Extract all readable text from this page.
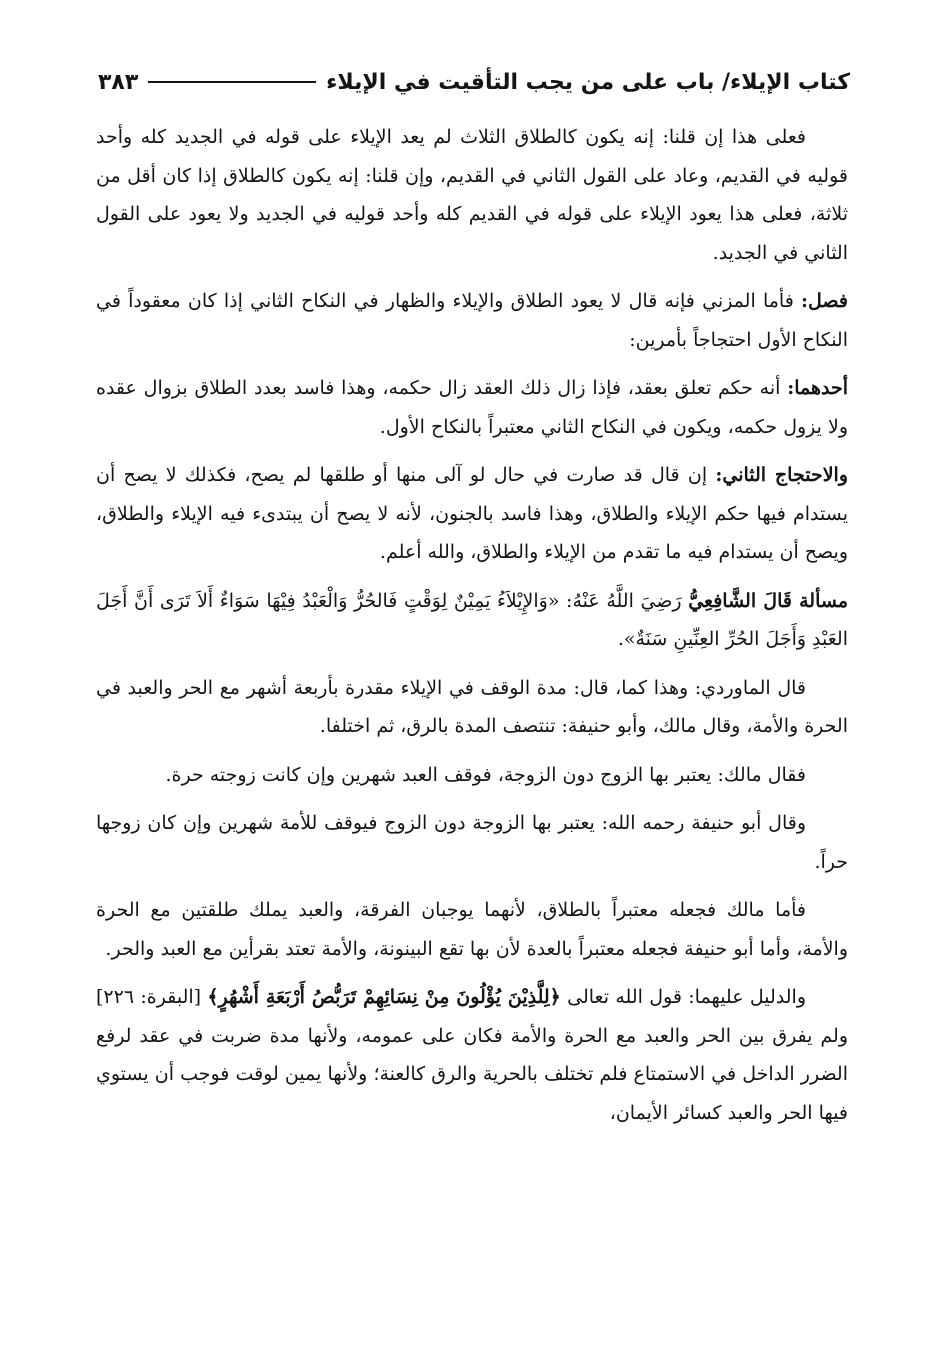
كتاب الإيلاء/ باب على من يجب التأقيت في الإيلاء
٣٨٣

فعلى هذا إن قلنا: إنه يكون كالطلاق الثلاث لم يعد الإيلاء على قوله في الجديد كله وأحد قوليه في القديم، وعاد على القول الثاني في القديم، وإن قلنا: إنه يكون كالطلاق إذا كان أقل من ثلاثة، فعلى هذا يعود الإيلاء على قوله في القديم كله وأحد قوليه في الجديد ولا يعود على القول الثاني في الجديد.

فصل: فأما المزني فإنه قال لا يعود الطلاق والإيلاء والظهار في النكاح الثاني إذا كان معقوداً في النكاح الأول احتجاجاً بأمرين:

أحدهما: أنه حكم تعلق بعقد، فإذا زال ذلك العقد زال حكمه، وهذا فاسد بعدد الطلاق بزوال عقده ولا يزول حكمه، ويكون في النكاح الثاني معتبراً بالنكاح الأول.

والاحتجاج الثاني: إن قال قد صارت في حال لو آلى منها أو طلقها لم يصح، فكذلك لا يصح أن يستدام فيها حكم الإيلاء والطلاق، وهذا فاسد بالجنون، لأنه لا يصح أن يبتدىء فيه الإيلاء والطلاق، ويصح أن يستدام فيه ما تقدم من الإيلاء والطلاق، والله أعلم.

مسألة قَالَ الشَّافِعِيُّ رَضِيَ اللَّهُ عَنْهُ: «وَالإِيْلاَءُ يَمِيْنٌ لِوَقْتٍ فَالحُرُّ وَالْعَبْدُ فِيْهَا سَوَاءٌ أَلاَ تَرَى أَنَّ أَجَلَ العَبْدِ وَأَجَلَ الحُرِّ العِنِّينِ سَنَةٌ».

قال الماوردي: وهذا كما، قال: مدة الوقف في الإيلاء مقدرة بأربعة أشهر مع الحر والعبد في الحرة والأمة، وقال مالك، وأبو حنيفة: تنتصف المدة بالرق، ثم اختلفا.

فقال مالك: يعتبر بها الزوج دون الزوجة، فوقف العبد شهرين وإن كانت زوجته حرة.

وقال أبو حنيفة رحمه الله: يعتبر بها الزوجة دون الزوج فيوقف للأمة شهرين وإن كان زوجها حراً.

فأما مالك فجعله معتبراً بالطلاق، لأنهما يوجبان الفرقة، والعبد يملك طلقتين مع الحرة والأمة، وأما أبو حنيفة فجعله معتبراً بالعدة لأن بها تقع البينونة، والأمة تعتد بقرأين مع العبد والحر.

والدليل عليهما: قول الله تعالى ﴿لِلَّذِيْنَ يُؤْلُونَ مِنْ نِسَائِهِمْ تَرَبُّصُ أَرْبَعَةِ أَشْهُرٍ﴾ [البقرة: ٢٢٦] ولم يفرق بين الحر والعبد مع الحرة والأمة فكان على عمومه، ولأنها مدة ضربت في عقد لرفع الضرر الداخل في الاستمتاع فلم تختلف بالحرية والرق كالعنة؛ ولأنها يمين لوقت فوجب أن يستوي فيها الحر والعبد كسائر الأيمان،
